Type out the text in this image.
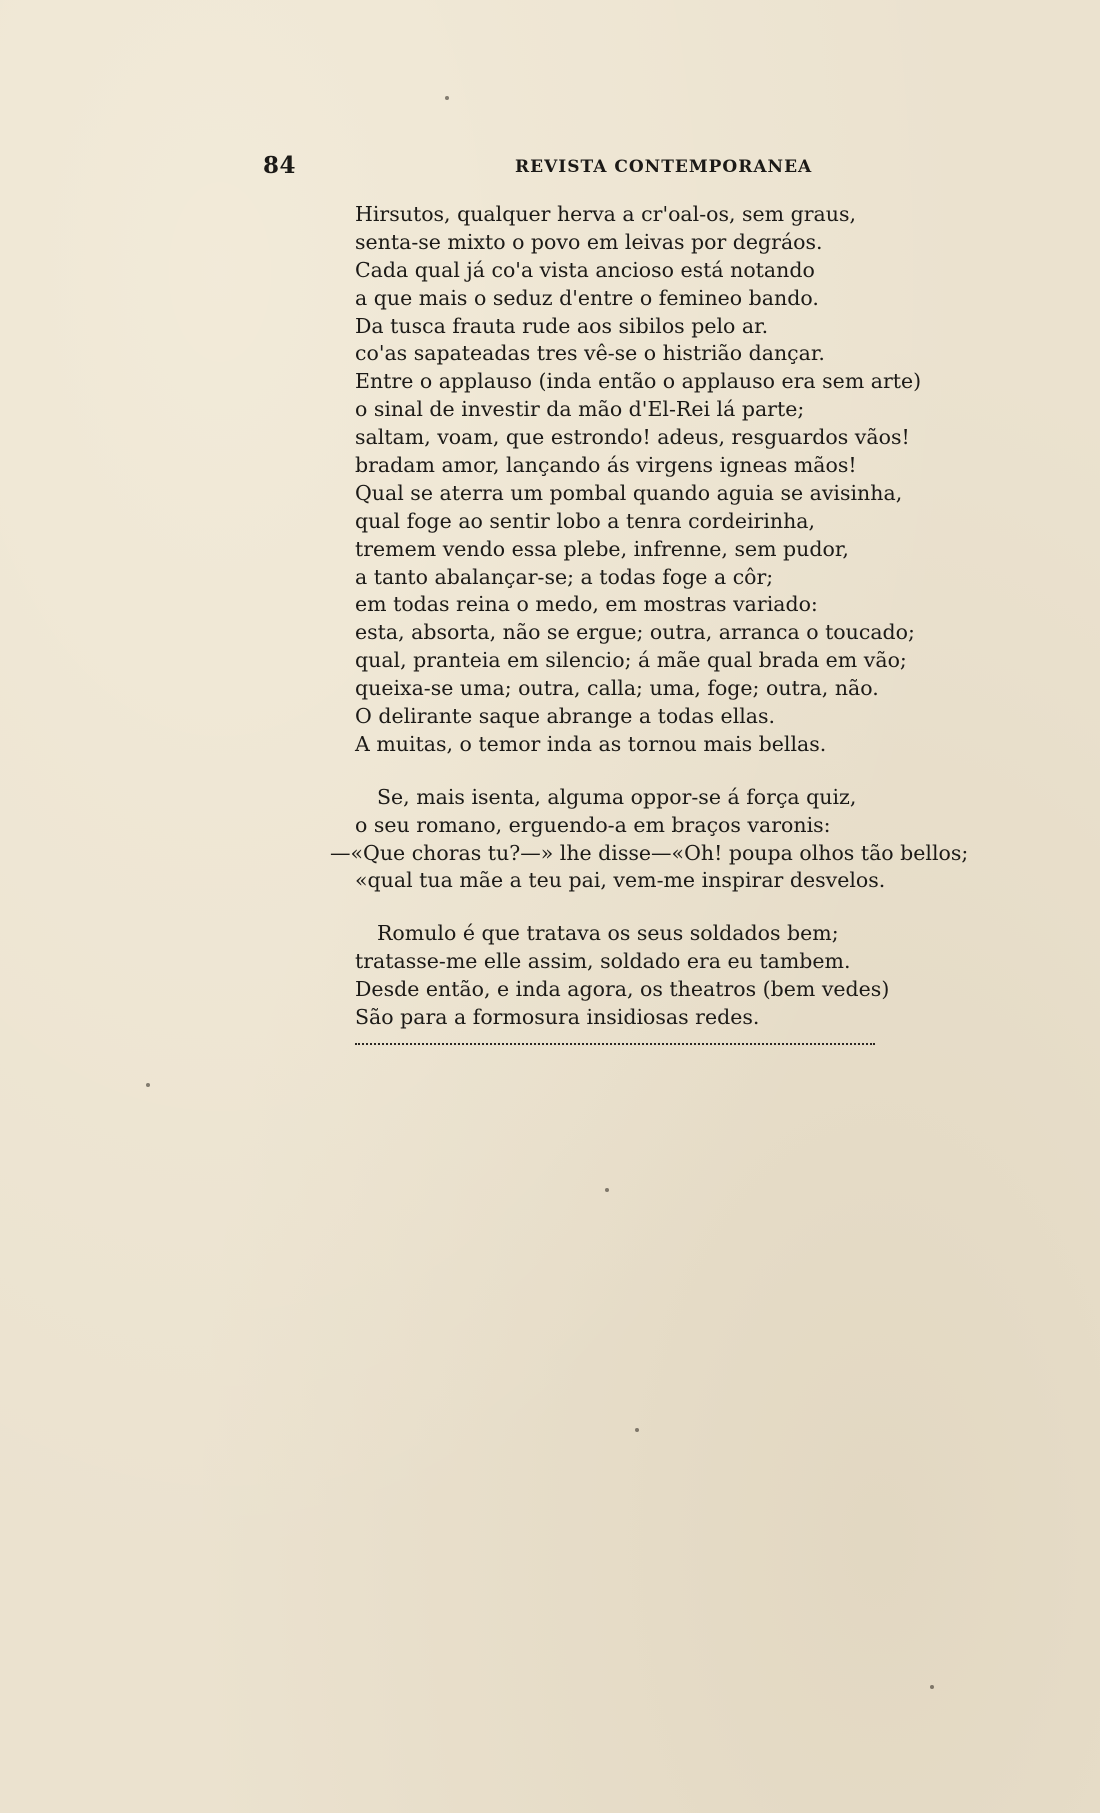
84	REVISTA CONTEMPORANEA
Hirsutos, qualquer herva a cr'oal-os, sem graus,
senta-se mixto o povo em leivas por degráos.
Cada qual já co'a vista ancioso está notando
a que mais o seduz d'entre o femineo bando.
Da tusca frauta rude aos sibilos pelo ar.
co'as sapateadas tres vê-se o histrião dançar.
Entre o applauso (inda então o applauso era sem arte)
o sinal de investir da mão d'El-Rei lá parte;
saltam, voam, que estrondo! adeus, resguardos vãos!
bradam amor, lançando ás virgens igneas mãos!
Qual se aterra um pombal quando aguia se avisinha,
qual foge ao sentir lobo a tenra cordeirinha,
tremem vendo essa plebe, infrenne, sem pudor,
a tanto abalançar-se; a todas foge a côr;
em todas reina o medo, em mostras variado:
esta, absorta, não se ergue; outra, arranca o toucado;
qual, pranteia em silencio; á mãe qual brada em vão;
queixa-se uma; outra, calla; uma, foge; outra, não.
O delirante saque abrange a todas ellas.
A muitas, o temor inda as tornou mais bellas.
Se, mais isenta, alguma oppor-se á força quiz,
o seu romano, erguendo-a em braços varonis:
—«Que choras tu?—» lhe disse—«Oh! poupa olhos tão bellos;
«qual tua mãe a teu pai, vem-me inspirar desvelos.
Romulo é que tratava os seus soldados bem;
tratasse-me elle assim, soldado era eu tambem.
Desde então, e inda agora, os theatros (bem vedes)
São para a formosura insidiosas redes.
